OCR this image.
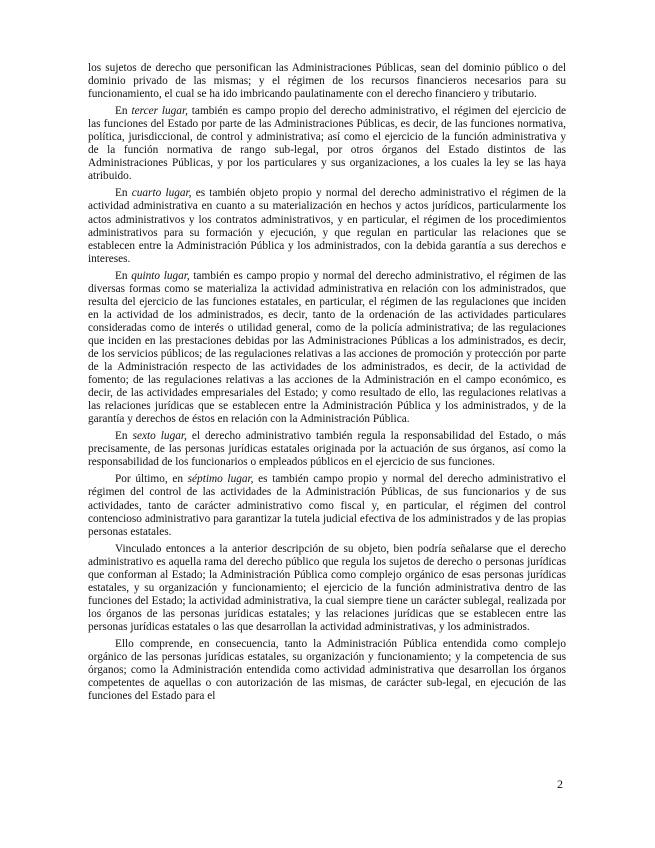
los sujetos de derecho que personifican las Administraciones Públicas, sean del dominio público o del dominio privado de las mismas; y el régimen de los recursos financieros necesarios para su funcionamiento, el cual se ha ido imbricando paulatinamente con el derecho financiero y tributario.

En tercer lugar, también es campo propio del derecho administrativo, el régimen del ejercicio de las funciones del Estado por parte de las Administraciones Públicas, es decir, de las funciones normativa, política, jurisdiccional, de control y administrativa; así como el ejercicio de la función administrativa y de la función normativa de rango sub-legal, por otros órganos del Estado distintos de las Administraciones Públicas, y por los particulares y sus organizaciones, a los cuales la ley se las haya atribuido.

En cuarto lugar, es también objeto propio y normal del derecho administrativo el régimen de la actividad administrativa en cuanto a su materialización en hechos y actos jurídicos, particularmente los actos administrativos y los contratos administrativos, y en particular, el régimen de los procedimientos administrativos para su formación y ejecución, y que regulan en particular las relaciones que se establecen entre la Administración Pública y los administrados, con la debida garantía a sus derechos e intereses.

En quinto lugar, también es campo propio y normal del derecho administrativo, el régimen de las diversas formas como se materializa la actividad administrativa en relación con los administrados, que resulta del ejercicio de las funciones estatales, en particular, el régimen de las regulaciones que inciden en la actividad de los administrados, es decir, tanto de la ordenación de las actividades particulares consideradas como de interés o utilidad general, como de la policía administrativa; de las regulaciones que inciden en las prestaciones debidas por las Administraciones Públicas a los administrados, es decir, de los servicios públicos; de las regulaciones relativas a las acciones de promoción y protección por parte de la Administración respecto de las actividades de los administrados, es decir, de la actividad de fomento; de las regulaciones relativas a las acciones de la Administración en el campo económico, es decir, de las actividades empresariales del Estado; y como resultado de ello, las regulaciones relativas a las relaciones jurídicas que se establecen entre la Administración Pública y los administrados, y de la garantía y derechos de éstos en relación con la Administración Pública.

En sexto lugar, el derecho administrativo también regula la responsabilidad del Estado, o más precisamente, de las personas jurídicas estatales originada por la actuación de sus órganos, así como la responsabilidad de los funcionarios o empleados públicos en el ejercicio de sus funciones.

Por último, en séptimo lugar, es también campo propio y normal del derecho administrativo el régimen del control de las actividades de la Administración Públicas, de sus funcionarios y de sus actividades, tanto de carácter administrativo como fiscal y, en particular, el régimen del control contencioso administrativo para garantizar la tutela judicial efectiva de los administrados y de las propias personas estatales.

Vinculado entonces a la anterior descripción de su objeto, bien podría señalarse que el derecho administrativo es aquella rama del derecho público que regula los sujetos de derecho o personas jurídicas que conforman al Estado; la Administración Pública como complejo orgánico de esas personas jurídicas estatales, y su organización y funcionamiento; el ejercicio de la función administrativa dentro de las funciones del Estado; la actividad administrativa, la cual siempre tiene un carácter sublegal, realizada por los órganos de las personas jurídicas estatales; y las relaciones jurídicas que se establecen entre las personas jurídicas estatales o las que desarrollan la actividad administrativas, y los administrados.

Ello comprende, en consecuencia, tanto la Administración Pública entendida como complejo orgánico de las personas jurídicas estatales, su organización y funcionamiento; y la competencia de sus órganos; como la Administración entendida como actividad administrativa que desarrollan los órganos competentes de aquellas o con autorización de las mismas, de carácter sub-legal, en ejecución de las funciones del Estado para el

2
